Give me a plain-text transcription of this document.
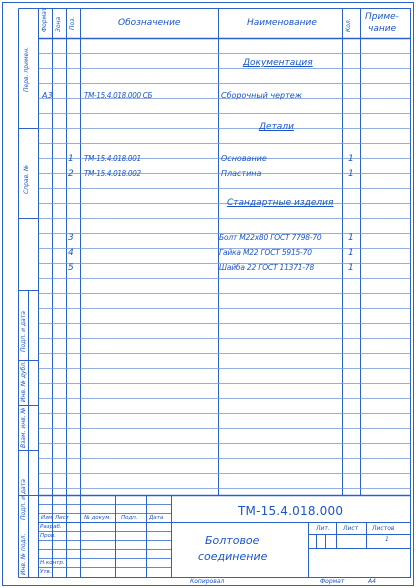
Формат Зона Поз.	Обозначение	Наименование	Кол.
Приме-
чание
Документация
Детали
Стандартные изделия
А3	ТМ-15.4.018.000 СБ	Сборочный чертеж
1 ТМ-15.4.018.001	Основание	1
2 ТМ-15.4.018.002	Пластина	1
3	Болт М22х80 ГОСТ 7798-70	1
4	Гайка М22 ГОСТ 5915-70	1
5	Шайба 22 ГОСТ 11371-78	1
Перв. примен.
Справ. №
Подп. и дата
Инв. № дубл.
Взам. инв. №
Подп. и дата
Инв. № подл.
ТМ-15.4.018.000
Болтовое
соединение
Изм Лист	№ докум. Подп. Дата
Разраб.
Пров.
Н.контр.
Утв.
Лит. Лист Листов
1
Копировал	Формат	А4
